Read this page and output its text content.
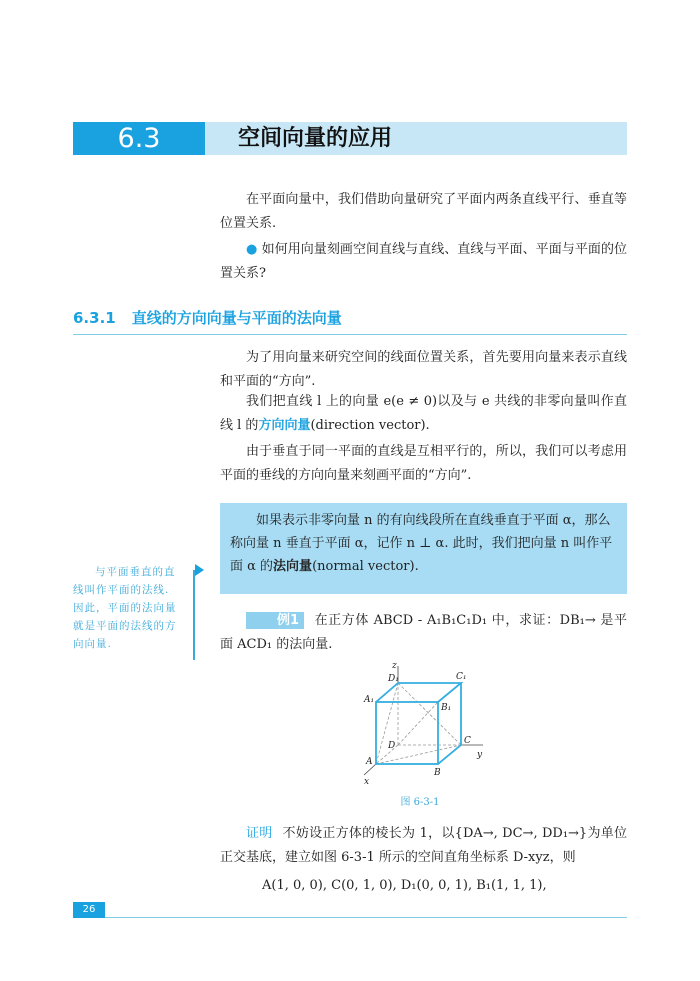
6.3	空间向量的应用
在平面向量中，我们借助向量研究了平面内两条直线平行、垂直等位置关系.
● 如何用向量刻画空间直线与直线、直线与平面、平面与平面的位置关系?
6.3.1 直线的方向向量与平面的法向量
为了用向量来研究空间的线面位置关系，首先要用向量来表示直线和平面的“方向”.
我们把直线 l 上的向量 e(e ≠ 0)以及与 e 共线的非零向量叫作直线 l 的方向向量(direction vector).
由于垂直于同一平面的直线是互相平行的，所以，我们可以考虑用平面的垂线的方向向量来刻画平面的“方向”.
如果表示非零向量 n 的有向线段所在直线垂直于平面 α，那么称向量 n 垂直于平面 α，记作 n ⊥ α. 此时，我们把向量 n 叫作平面 α 的法向量(normal vector).
与平面垂直的直线叫作平面的法线. 因此，平面的法向量就是平面的法线的方向向量.
例1 在正方体 ABCD - A₁B₁C₁D₁ 中，求证：DB₁→ 是平面 ACD₁ 的法向量.
z
y
x
A
B
C
D
A₁
B₁
C₁
D₁
图 6-3-1
证明 不妨设正方体的棱长为 1，以{DA→, DC→, DD₁→}为单位正交基底，建立如图 6-3-1 所示的空间直角坐标系 D-xyz，则
A(1, 0, 0), C(0, 1, 0), D₁(0, 0, 1), B₁(1, 1, 1),
26
